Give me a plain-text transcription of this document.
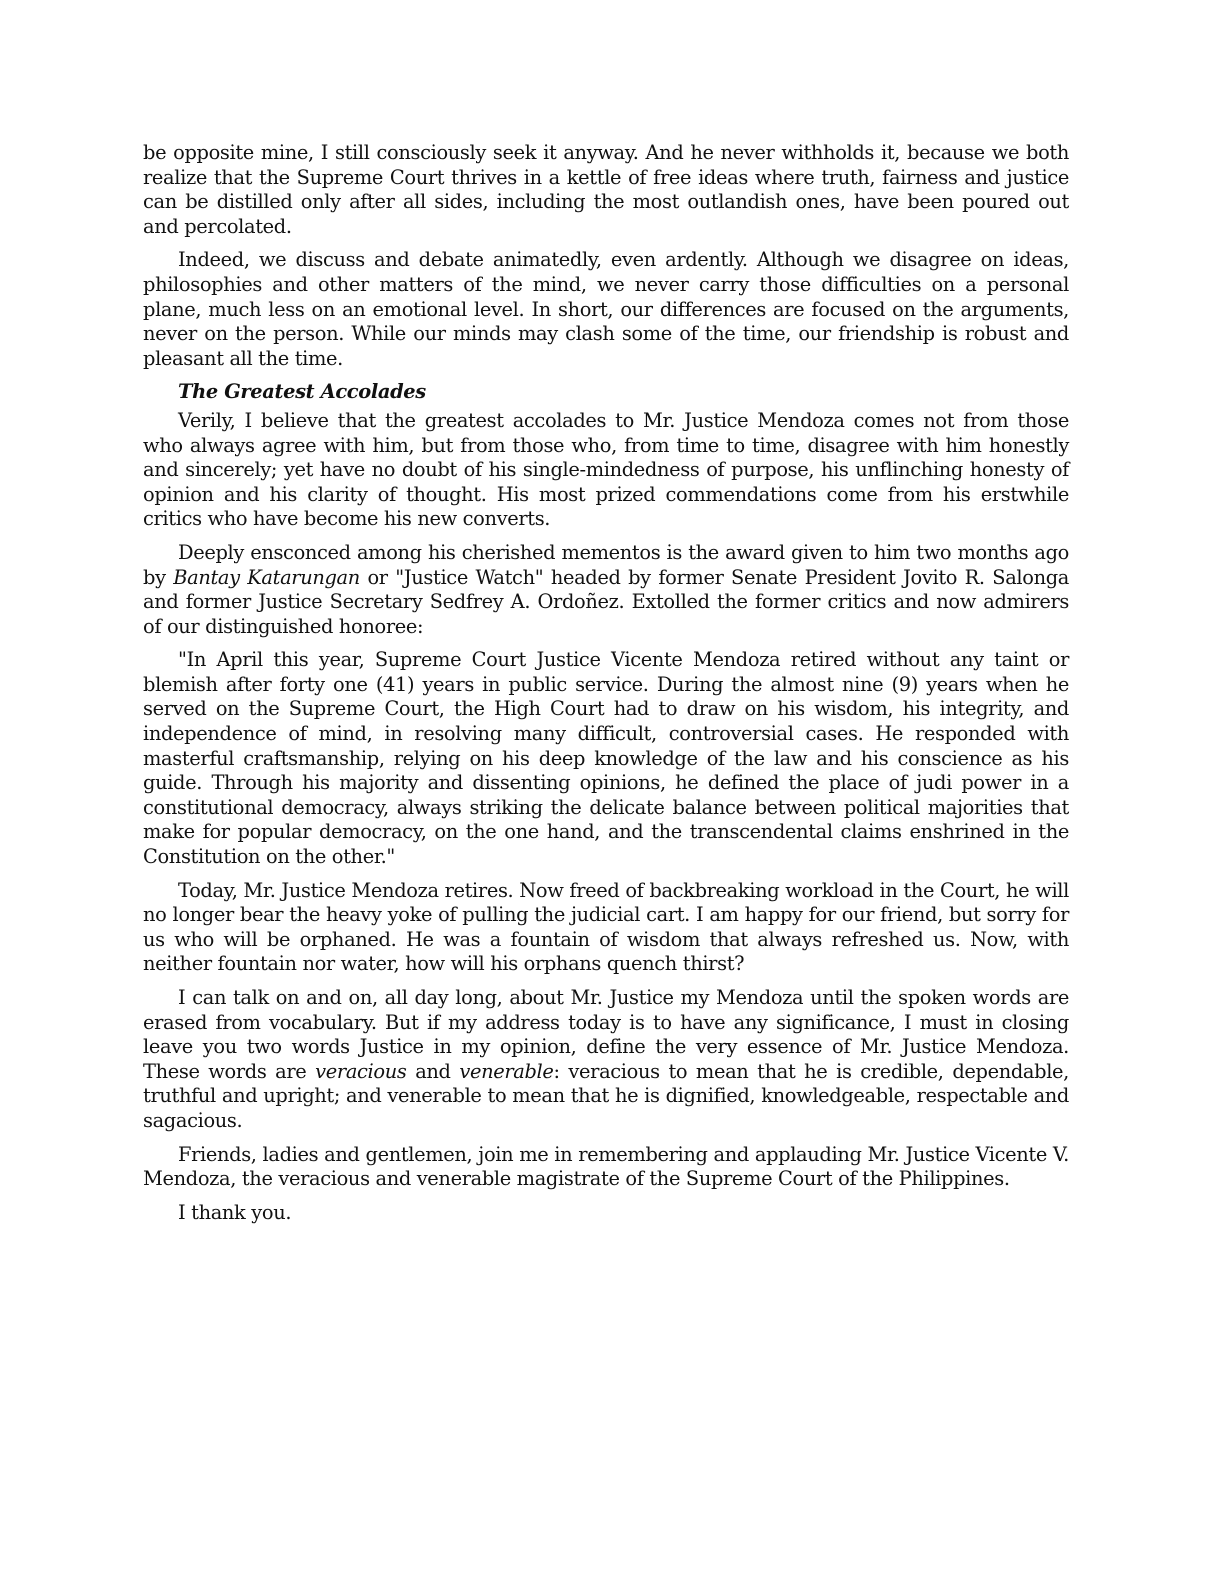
be opposite mine, I still consciously seek it anyway. And he never withholds it, because we both realize that the Supreme Court thrives in a kettle of free ideas where truth, fairness and justice can be distilled only after all sides, including the most outlandish ones, have been poured out and percolated.

Indeed, we discuss and debate animatedly, even ardently. Although we disagree on ideas, philosophies and other matters of the mind, we never carry those difficulties on a personal plane, much less on an emotional level. In short, our differences are focused on the arguments, never on the person. While our minds may clash some of the time, our friendship is robust and pleasant all the time.

The Greatest Accolades

Verily, I believe that the greatest accolades to Mr. Justice Mendoza comes not from those who always agree with him, but from those who, from time to time, disagree with him honestly and sincerely; yet have no doubt of his single-mindedness of purpose, his unflinching honesty of opinion and his clarity of thought. His most prized commendations come from his erstwhile critics who have become his new converts.

Deeply ensconced among his cherished mementos is the award given to him two months ago by Bantay Katarungan or "Justice Watch" headed by former Senate President Jovito R. Salonga and former Justice Secretary Sedfrey A. Ordoñez. Extolled the former critics and now admirers of our distinguished honoree:

"In April this year, Supreme Court Justice Vicente Mendoza retired without any taint or blemish after forty one (41) years in public service. During the almost nine (9) years when he served on the Supreme Court, the High Court had to draw on his wisdom, his integrity, and independence of mind, in resolving many difficult, controversial cases. He responded with masterful craftsmanship, relying on his deep knowledge of the law and his conscience as his guide. Through his majority and dissenting opinions, he defined the place of judi power in a constitutional democracy, always striking the delicate balance between political majorities that make for popular democracy, on the one hand, and the transcendental claims enshrined in the Constitution on the other."

Today, Mr. Justice Mendoza retires. Now freed of backbreaking workload in the Court, he will no longer bear the heavy yoke of pulling the judicial cart. I am happy for our friend, but sorry for us who will be orphaned. He was a fountain of wisdom that always refreshed us. Now, with neither fountain nor water, how will his orphans quench thirst?

I can talk on and on, all day long, about Mr. Justice my Mendoza until the spoken words are erased from vocabulary. But if my address today is to have any significance, I must in closing leave you two words Justice in my opinion, define the very essence of Mr. Justice Mendoza. These words are veracious and venerable: veracious to mean that he is credible, dependable, truthful and upright; and venerable to mean that he is dignified, knowledgeable, respectable and sagacious.

Friends, ladies and gentlemen, join me in remembering and applauding Mr. Justice Vicente V. Mendoza, the veracious and venerable magistrate of the Supreme Court of the Philippines.

I thank you.
